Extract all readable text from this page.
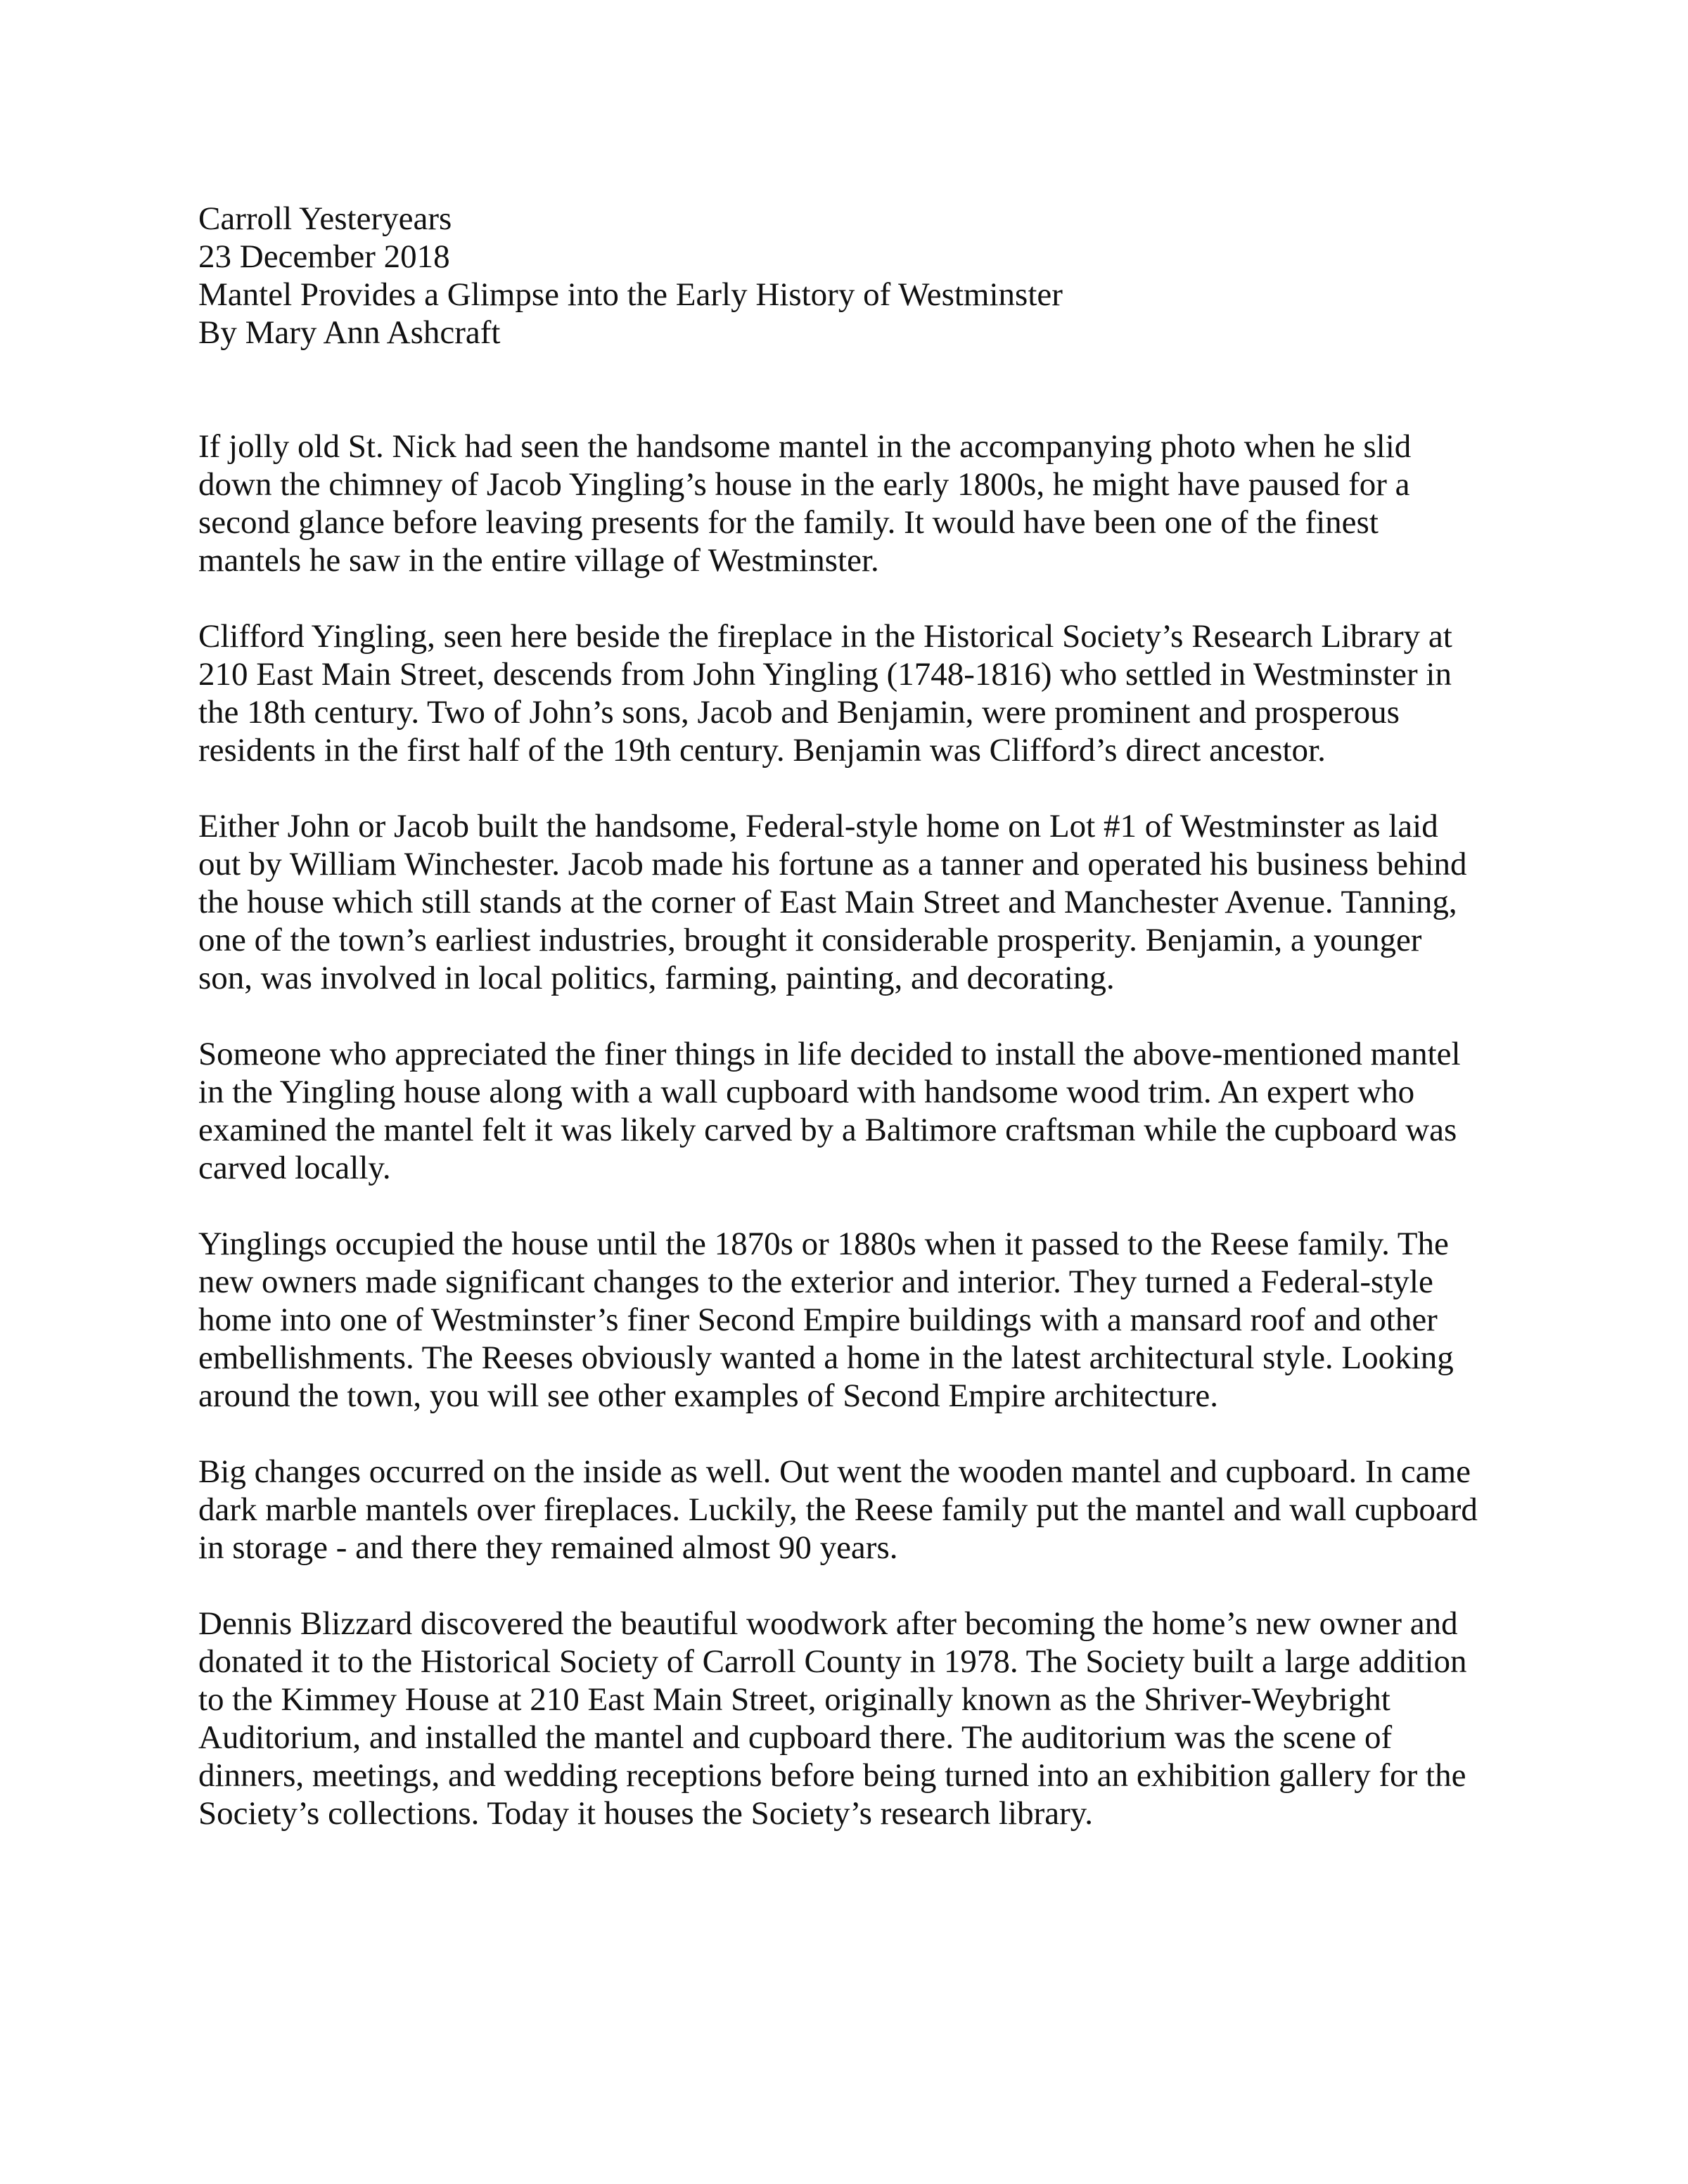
Carroll Yesteryears
23 December 2018
Mantel Provides a Glimpse into the Early History of Westminster
By Mary Ann Ashcraft
If jolly old St. Nick had seen the handsome mantel in the accompanying photo when he slid
down the chimney of Jacob Yingling’s house in the early 1800s, he might have paused for a
second glance before leaving presents for the family. It would have been one of the finest
mantels he saw in the entire village of Westminster.
Clifford Yingling, seen here beside the fireplace in the Historical Society’s Research Library at
210 East Main Street, descends from John Yingling (1748-1816) who settled in Westminster in
the 18th century. Two of John’s sons, Jacob and Benjamin, were prominent and prosperous
residents in the first half of the 19th century. Benjamin was Clifford’s direct ancestor.
Either John or Jacob built the handsome, Federal-style home on Lot #1 of Westminster as laid
out by William Winchester. Jacob made his fortune as a tanner and operated his business behind
the house which still stands at the corner of East Main Street and Manchester Avenue. Tanning,
one of the town’s earliest industries, brought it considerable prosperity. Benjamin, a younger
son, was involved in local politics, farming, painting, and decorating.
Someone who appreciated the finer things in life decided to install the above-mentioned mantel
in the Yingling house along with a wall cupboard with handsome wood trim. An expert who
examined the mantel felt it was likely carved by a Baltimore craftsman while the cupboard was
carved locally.
Yinglings occupied the house until the 1870s or 1880s when it passed to the Reese family. The
new owners made significant changes to the exterior and interior. They turned a Federal-style
home into one of Westminster’s finer Second Empire buildings with a mansard roof and other
embellishments. The Reeses obviously wanted a home in the latest architectural style. Looking
around the town, you will see other examples of Second Empire architecture.
Big changes occurred on the inside as well. Out went the wooden mantel and cupboard. In came
dark marble mantels over fireplaces. Luckily, the Reese family put the mantel and wall cupboard
in storage - and there they remained almost 90 years.
Dennis Blizzard discovered the beautiful woodwork after becoming the home’s new owner and
donated it to the Historical Society of Carroll County in 1978. The Society built a large addition
to the Kimmey House at 210 East Main Street, originally known as the Shriver-Weybright
Auditorium, and installed the mantel and cupboard there. The auditorium was the scene of
dinners, meetings, and wedding receptions before being turned into an exhibition gallery for the
Society’s collections. Today it houses the Society’s research library.
